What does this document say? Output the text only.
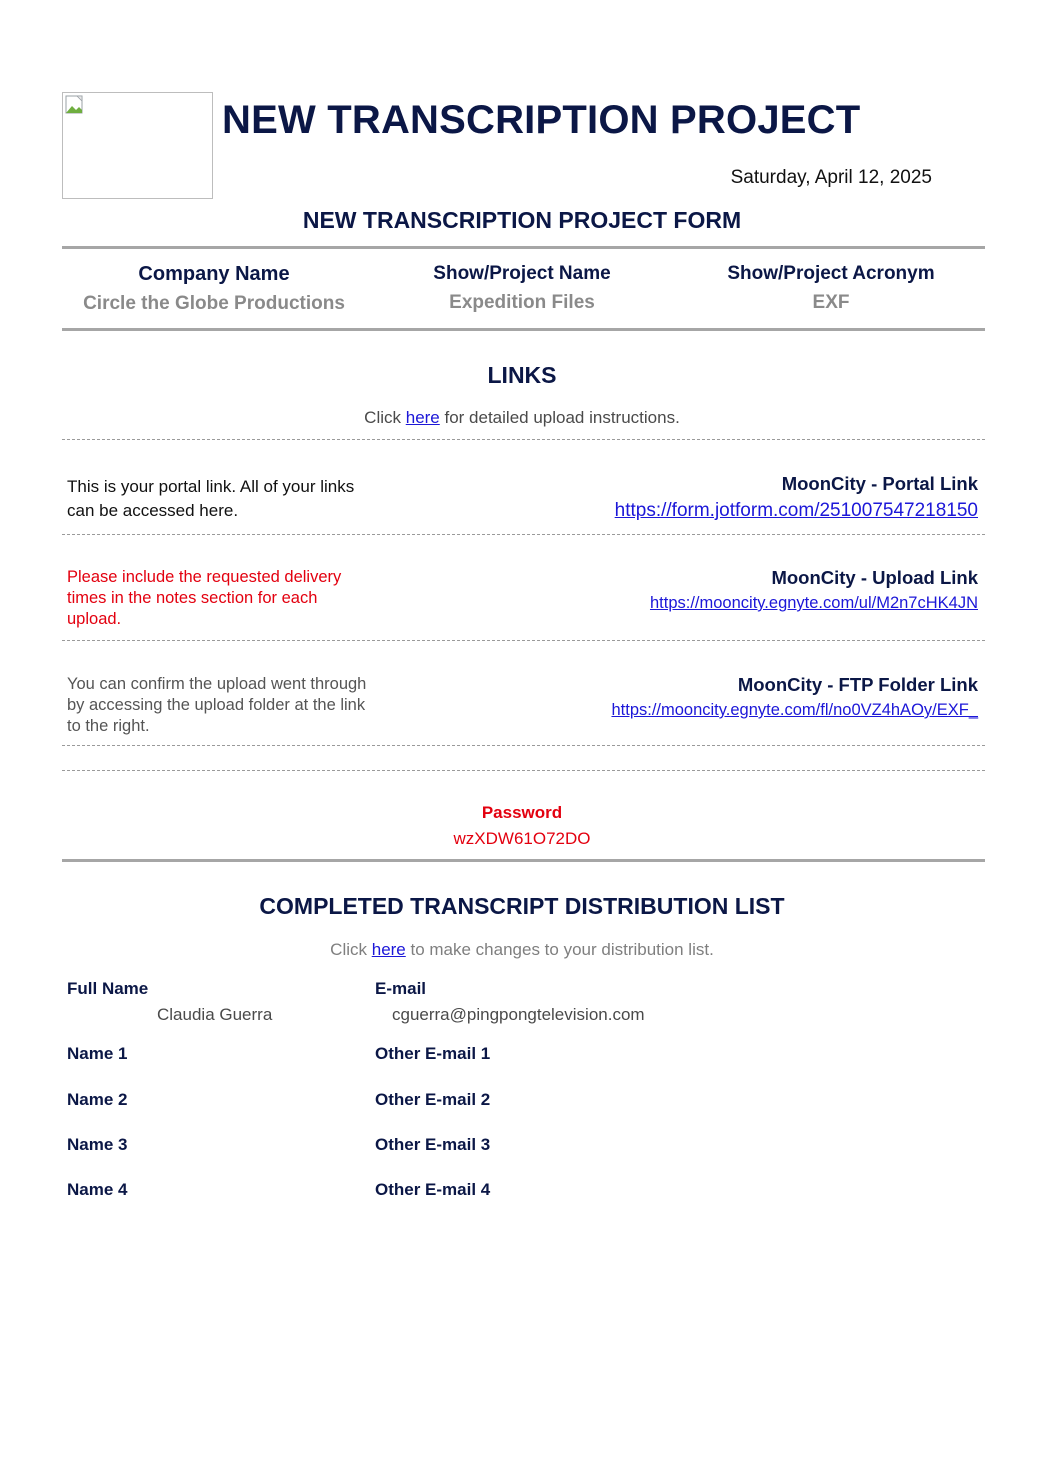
NEW TRANSCRIPTION PROJECT
Saturday, April 12, 2025
NEW TRANSCRIPTION PROJECT FORM
Company Name
Circle the Globe Productions
Show/Project Name
Expedition Files
Show/Project Acronym
EXF
LINKS
Click here for detailed upload instructions.
This is your portal link. All of your links can be accessed here.
MoonCity - Portal Link
https://form.jotform.com/251007547218150
Please include the requested delivery times in the notes section for each upload.
MoonCity - Upload Link
https://mooncity.egnyte.com/ul/M2n7cHK4JN
You can confirm the upload went through by accessing the upload folder at the link to the right.
MoonCity - FTP Folder Link
https://mooncity.egnyte.com/fl/no0VZ4hAOy/EXF_
Password
wzXDW61O72DO
COMPLETED TRANSCRIPT DISTRIBUTION LIST
Click here to make changes to your distribution list.
Full Name	E-mail
Claudia Guerra	cguerra@pingpongtelevision.com
Name 1	Other E-mail 1
Name 2	Other E-mail 2
Name 3	Other E-mail 3
Name 4	Other E-mail 4
